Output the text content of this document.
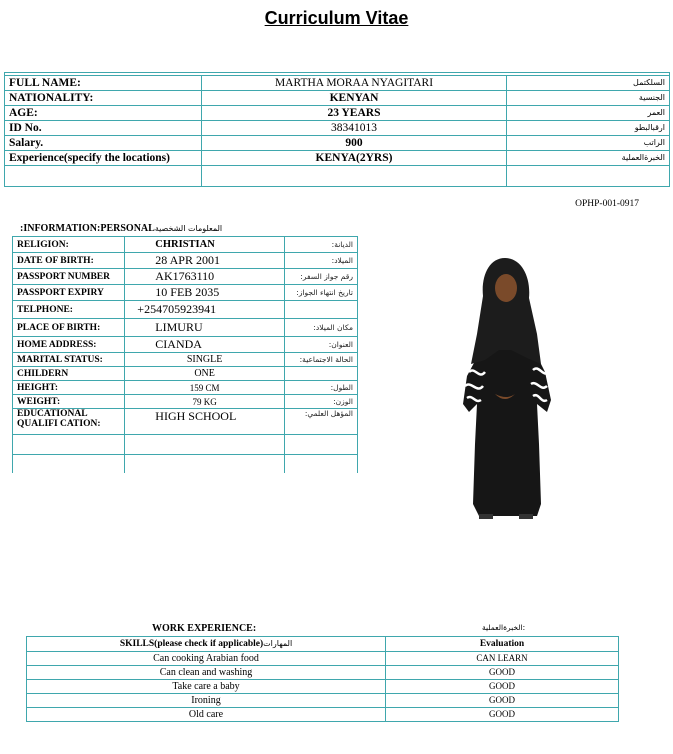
Curriculum Vitae

FULL NAME:	MARTHA MORAA NYAGITARI	السلكتمل
NATIONALITY:	KENYAN	الجنسية
AGE:	23 YEARS	العمر
ID No.	38341013	ارقبالبطو
Salary.	900	الراتب
Experience(specify the locations)	KENYA(2YRS)	الخبرةالعملية

OPHP-001-0917
:INFORMATION:PERSONALالمعلومات الشخصية
RELIGION:	CHRISTIAN	:الديانة
DATE OF BIRTH:	28 APR 2001	:الميلاد
PASSPORT NUMBER	AK1763110	:رقم جواز السفر
PASSPORT EXPIRY	10 FEB 2035	:تاريخ انتهاء الجواز
TELPHONE:	+254705923941	
PLACE OF BIRTH:	LIMURU	:مكان الميلاد
HOME ADDRESS:	CIANDA	:العنوان
MARITAL STATUS:	SINGLE	:الحالة الاجتماعية
CHILDERN	ONE	
HEIGHT:	159 CM	:الطول
WEIGHT:	79 KG	:الوزن
EDUCATIONAL QUALIFI CATION:	HIGH SCHOOL	:المؤهل العلمي

WORK EXPERIENCE:	الخبرةالعملية:
SKILLS(please check if applicable)المهارات	Evaluation
Can cooking Arabian food	CAN LEARN
Can clean and washing	GOOD
Take care a baby	GOOD
Ironing	GOOD
Old care	GOOD
